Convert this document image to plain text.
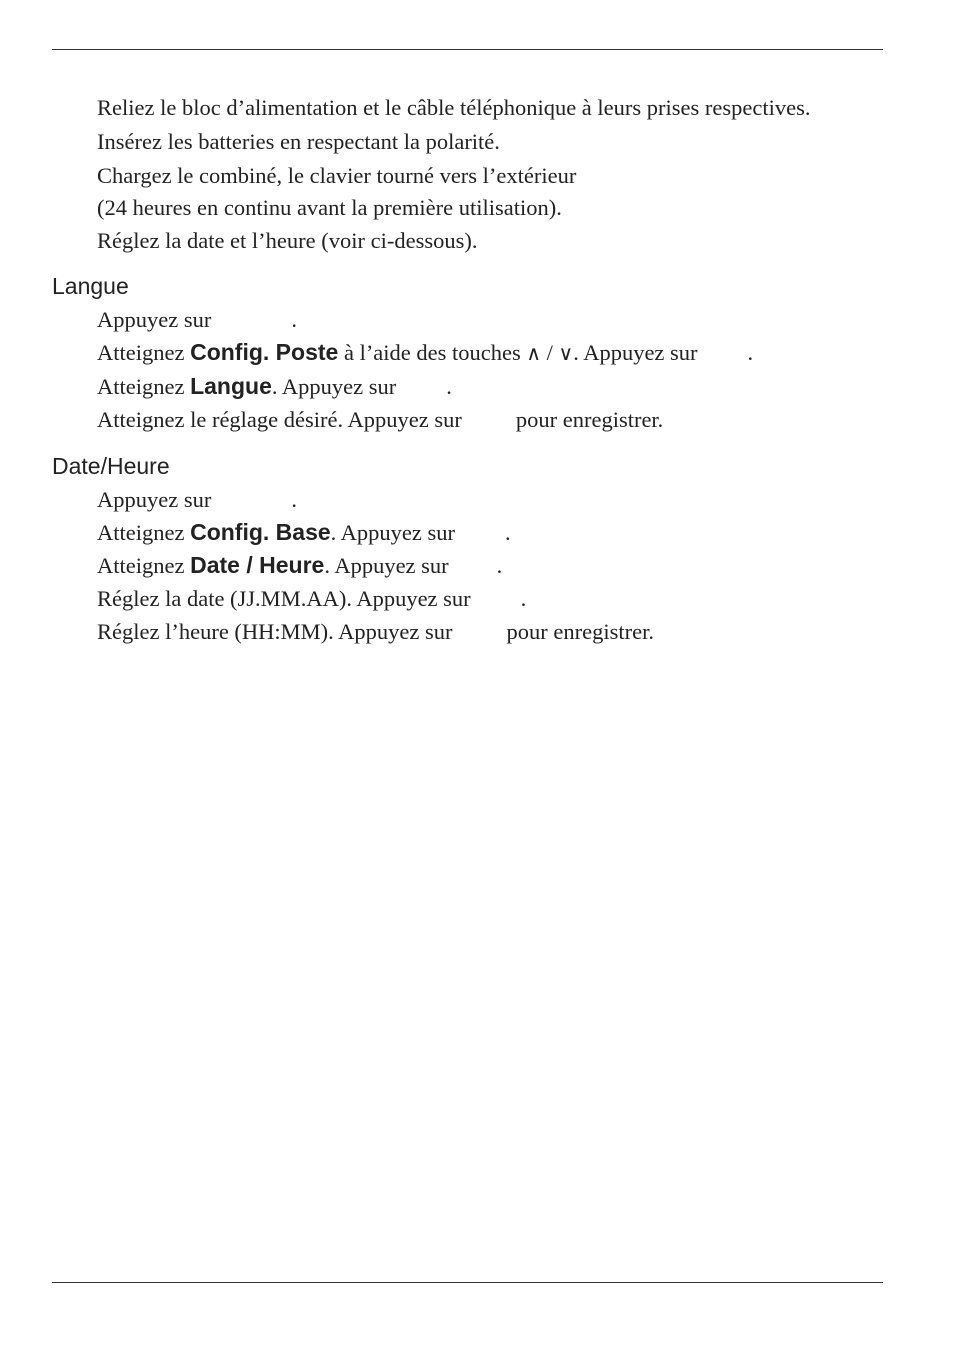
Reliez le bloc d’alimentation et le câble téléphonique à leurs prises respectives.
Insérez les batteries en respectant la polarité.
Chargez le combiné, le clavier tourné vers l’extérieur
(24 heures en continu avant la première utilisation).
Réglez la date et l’heure (voir ci-dessous).
Langue
Appuyez sur	.
Atteignez Config. Poste à l’aide des touches ∧ / ∨. Appuyez sur .
Atteignez Langue. Appuyez sur .
Atteignez le réglage désiré. Appuyez sur pour enregistrer.
Date/Heure
Appuyez sur	.
Atteignez Config. Base. Appuyez sur .
Atteignez Date / Heure. Appuyez sur .
Réglez la date (JJ.MM.AA). Appuyez sur .
Réglez l’heure (HH:MM). Appuyez sur pour enregistrer.
